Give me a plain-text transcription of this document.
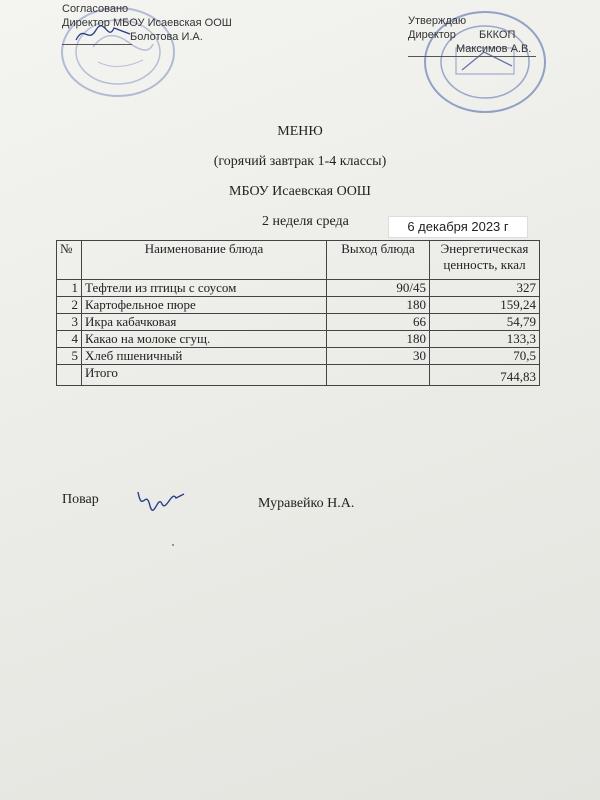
Согласовано
Директор МБОУ Исаевская ООШ
Болотова И.А.
Утверждаю
Директор БККОП
Максимов А.В.
МЕНЮ
(горячий завтрак 1-4 классы)
МБОУ Исаевская ООШ
2 неделя среда	6 декабря 2023 г
№	Наименование блюда	Выход блюда	Энергетическая ценность, ккал
1	Тефтели из птицы с соусом	90/45	327
2	Картофельное пюре	180	159,24
3	Икра кабачковая	66	54,79
4	Какао на молоке сгущ.	180	133,3
5	Хлеб пшеничный	30	70,5
	Итого		744,83
Повар	Муравейко Н.А.
